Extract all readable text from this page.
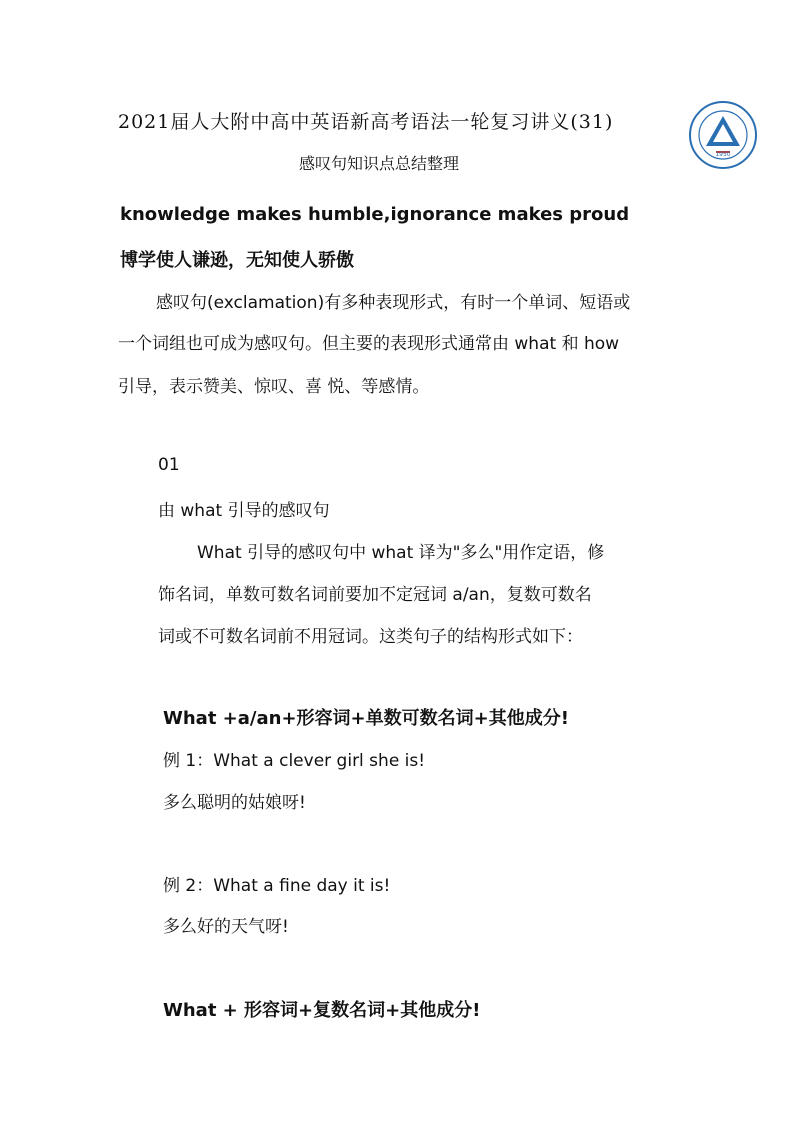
2021届人大附中高中英语新高考语法一轮复习讲义(31)
感叹句知识点总结整理	1950
knowledge makes humble,ignorance makes proud
博学使人谦逊，无知使人骄傲
感叹句(exclamation)有多种表现形式，有时一个单词、短语或
一个词组也可成为感叹句。但主要的表现形式通常由 what 和 how
引导，表示赞美、惊叹、喜 悦、等感情。
01
由 what 引导的感叹句
What 引导的感叹句中 what 译为"多么"用作定语，修
饰名词，单数可数名词前要加不定冠词 a/an，复数可数名
词或不可数名词前不用冠词。这类句子的结构形式如下：
What +a/an+形容词+单数可数名词+其他成分!
例 1：What a clever girl she is!
多么聪明的姑娘呀!
例 2：What a fine day it is!
多么好的天气呀!
What + 形容词+复数名词+其他成分!
